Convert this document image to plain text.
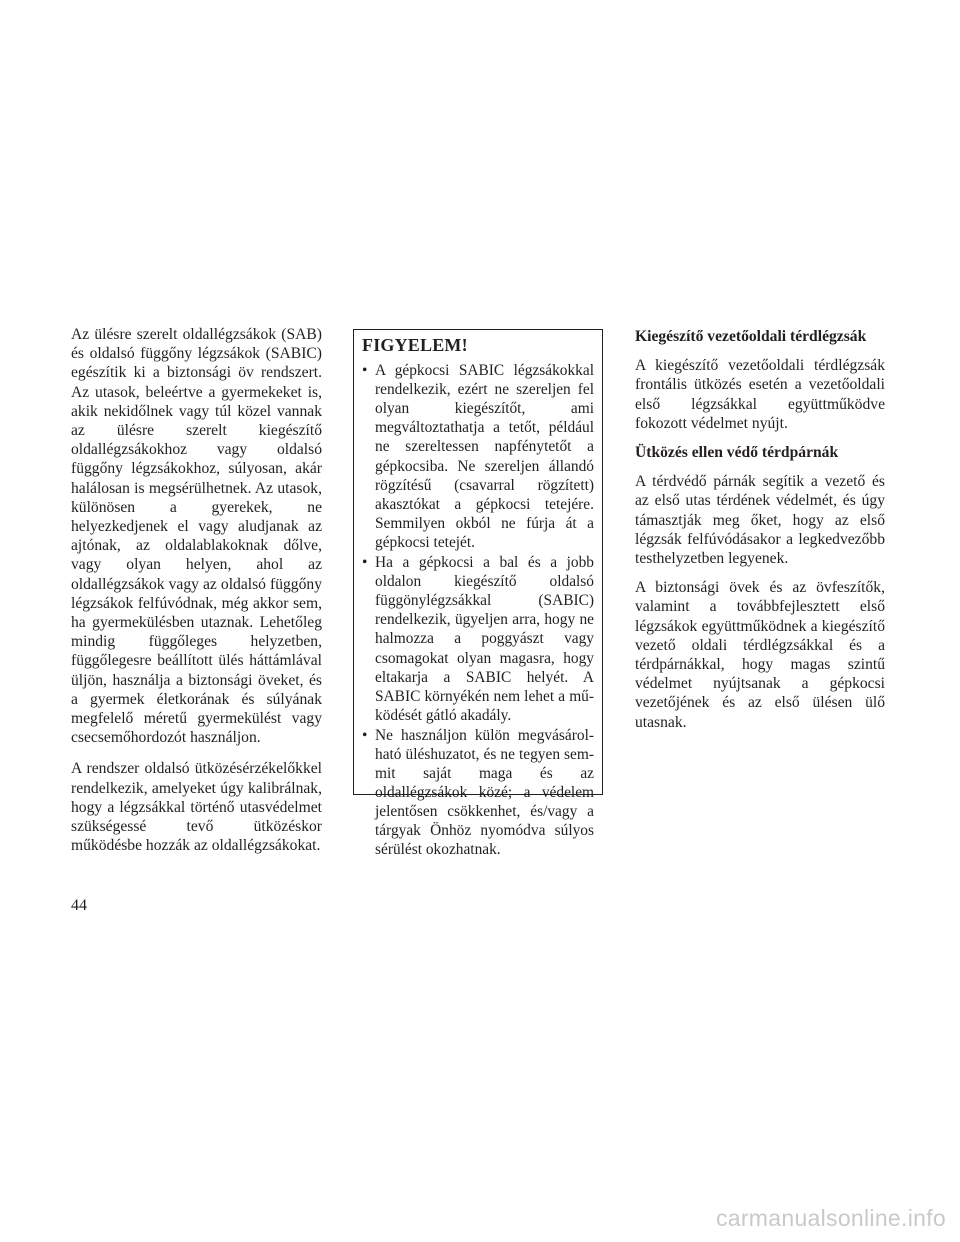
Az ülésre szerelt oldallégzsákok (SAB) és oldalsó függőny légzsákok (SABIC) egészítik ki a biztonsági öv rendszert. Az utasok, beleértve a gyermekeket is, akik nekidőlnek vagy túl közel vannak az ülésre szerelt kiegészítő oldallégzsákokhoz vagy oldalsó függőny légzsákokhoz, súlyosan, akár halálosan is megsérülhetnek. Az utasok, különösen a gyerekek, ne helyezkedjenek el vagy aludjanak az ajtónak, az oldalablakoknak dőlve, vagy olyan helyen, ahol az oldallégzsákok vagy az oldalsó függőny légzsákok felfúvódnak, még akkor sem, ha gyermekülésben utaznak. Lehetőleg mindig függőleges helyzetben, függőlegesre beállított ülés háttámlával üljön, használja a biztonsági öveket, és a gyermek életkorának és súlyának megfelelő méretű gyermekülést vagy csecsemőhordozót használjon.

A rendszer oldalsó ütközésérzékelőkkel rendelkezik, amelyeket úgy kalibrálnak, hogy a légzsákkal történő utasvédelmet szükségessé tevő ütközéskor működésbe hozzák az oldallégzsákokat.

FIGYELEM!
• A gépkocsi SABIC légzsákokkal rendelkezik, ezért ne szereljen fel olyan kiegészítőt, ami megváltoztathatja a tetőt, például ne szereltessen napfénytetőt a gépkocsiba. Ne szereljen állandó rögzítésű (csavarral rögzített) akasztókat a gépkocsi tetejére. Semmilyen okból ne fúrja át a gépkocsi tetejét.
• Ha a gépkocsi a bal és a jobb oldalon kiegészítő oldalsó függönylégzsákkal (SABIC) rendelkezik, ügyeljen arra, hogy ne halmozza a poggyászt vagy csomagokat olyan magasra, hogy eltakarja a SABIC helyét. A SABIC környékén nem lehet a működését gátló akadály.
• Ne használjon külön megvásárolható üléshuzatot, és ne tegyen semmit saját maga és az oldallégzsákok közé; a védelem jelentősen csökkenhet, és/vagy a tárgyak Önhöz nyomódva súlyos sérülést okozhatnak.
Kiegészítő vezetőoldali térdlégzsák

A kiegészítő vezetőoldali térdlégzsák frontális ütközés esetén a vezetőoldali első légzsákkal együttműködve fokozott védelmet nyújt.

Ütközés ellen védő térdpárnák

A térdvédő párnák segítik a vezető és az első utas térdének védelmét, és úgy támasztják meg őket, hogy az első légzsák felfúvódásakor a legkedvezőbb testhelyzetben legyenek.

A biztonsági övek és az övfeszítők, valamint a továbbfejlesztett első légzsákok együttműködnek a kiegészítő vezető oldali térdlégzsákkal és a térdpárnákkal, hogy magas szintű védelmet nyújtsanak a gépkocsi vezetőjének és az első ülésen ülő utasnak.

44
carmanualsonline.info
